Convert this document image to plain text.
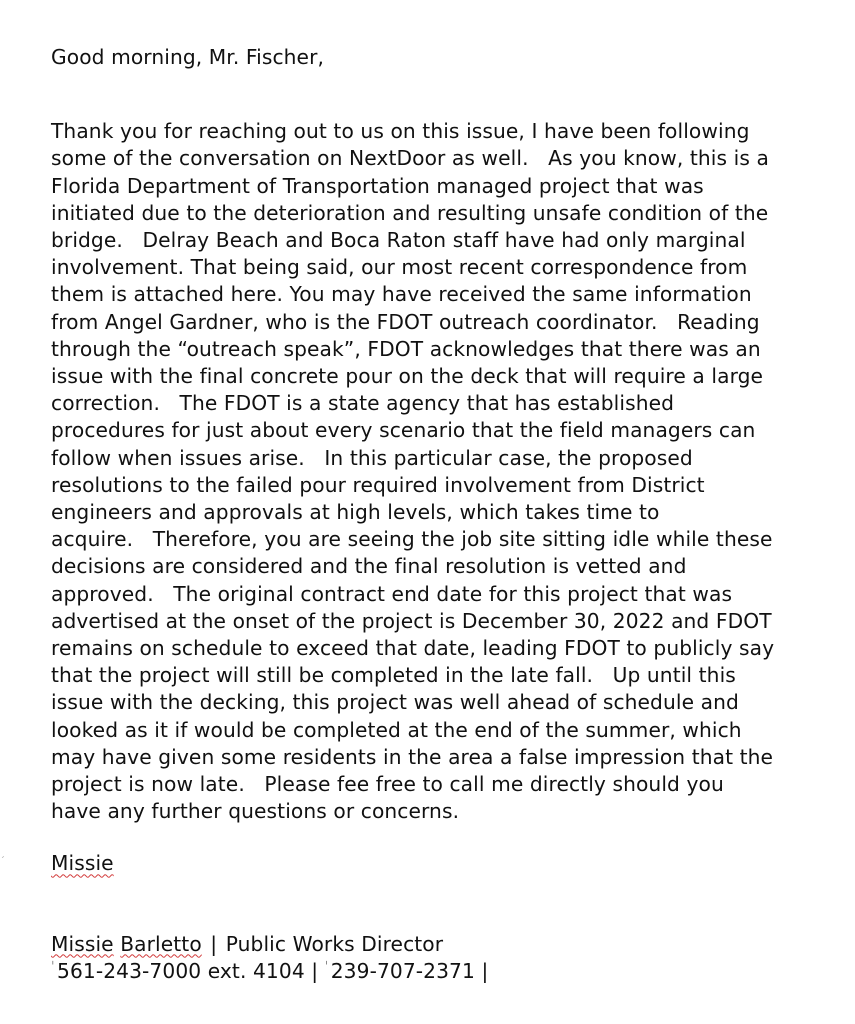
Good morning, Mr. Fischer,

Thank you for reaching out to us on this issue, I have been following
some of the conversation on NextDoor as well.   As you know, this is a
Florida Department of Transportation managed project that was
initiated due to the deterioration and resulting unsafe condition of the
bridge.   Delray Beach and Boca Raton staff have had only marginal
involvement. That being said, our most recent correspondence from
them is attached here. You may have received the same information
from Angel Gardner, who is the FDOT outreach coordinator.   Reading
through the “outreach speak”, FDOT acknowledges that there was an
issue with the final concrete pour on the deck that will require a large
correction.   The FDOT is a state agency that has established
procedures for just about every scenario that the field managers can
follow when issues arise.   In this particular case, the proposed
resolutions to the failed pour required involvement from District
engineers and approvals at high levels, which takes time to
acquire.   Therefore, you are seeing the job site sitting idle while these
decisions are considered and the final resolution is vetted and
approved.   The original contract end date for this project that was
advertised at the onset of the project is December 30, 2022 and FDOT
remains on schedule to exceed that date, leading FDOT to publicly say
that the project will still be completed in the late fall.   Up until this
issue with the decking, this project was well ahead of schedule and
looked as it if would be completed at the end of the summer, which
may have given some residents in the area a false impression that the
project is now late.   Please fee free to call me directly should you
have any further questions or concerns.
Missie
Missie Barletto | Public Works Director
ˈ 561-243-7000 ext. 4104 | ˈ 239-707-2371 |
ˊ
